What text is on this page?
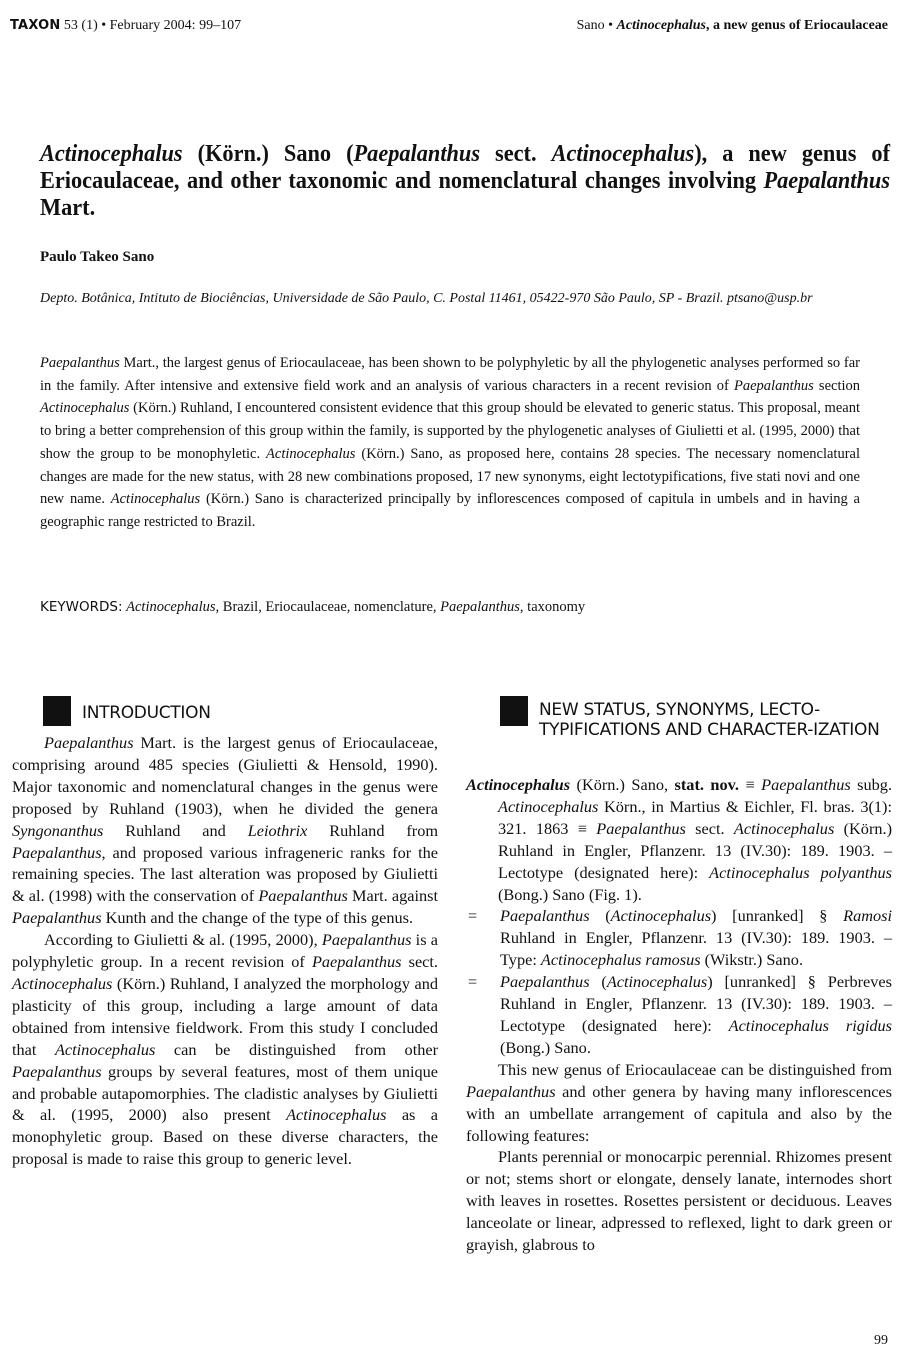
TAXON 53 (1) • February 2004: 99–107	Sano • Actinocephalus, a new genus of Eriocaulaceae
Actinocephalus (Körn.) Sano (Paepalanthus sect. Actinocephalus), a new genus of Eriocaulaceae, and other taxonomic and nomenclatural changes involving Paepalanthus Mart.
Paulo Takeo Sano
Depto. Botânica, Intituto de Biociências, Universidade de São Paulo, C. Postal 11461, 05422-970 São Paulo, SP - Brazil. ptsano@usp.br
Paepalanthus Mart., the largest genus of Eriocaulaceae, has been shown to be polyphyletic by all the phylogenetic analyses performed so far in the family. After intensive and extensive field work and an analysis of various characters in a recent revision of Paepalanthus section Actinocephalus (Körn.) Ruhland, I encountered consistent evidence that this group should be elevated to generic status. This proposal, meant to bring a better comprehension of this group within the family, is supported by the phylogenetic analyses of Giulietti et al. (1995, 2000) that show the group to be monophyletic. Actinocephalus (Körn.) Sano, as proposed here, contains 28 species. The necessary nomenclatural changes are made for the new status, with 28 new combinations proposed, 17 new synonyms, eight lectotypifications, five stati novi and one new name. Actinocephalus (Körn.) Sano is characterized principally by inflorescences composed of capitula in umbels and in having a geographic range restricted to Brazil.
KEYWORDS: Actinocephalus, Brazil, Eriocaulaceae, nomenclature, Paepalanthus, taxonomy
INTRODUCTION

Paepalanthus Mart. is the largest genus of Eriocaulaceae, comprising around 485 species (Giulietti & Hensold, 1990). Major taxonomic and nomenclatural changes in the genus were proposed by Ruhland (1903), when he divided the genera Syngonanthus Ruhland and Leiothrix Ruhland from Paepalanthus, and proposed various infrageneric ranks for the remaining species. The last alteration was proposed by Giulietti & al. (1998) with the conservation of Paepalanthus Mart. against Paepalanthus Kunth and the change of the type of this genus.

According to Giulietti & al. (1995, 2000), Paepalanthus is a polyphyletic group. In a recent revision of Paepalanthus sect. Actinocephalus (Körn.) Ruhland, I analyzed the morphology and plasticity of this group, including a large amount of data obtained from intensive fieldwork. From this study I concluded that Actinocephalus can be distinguished from other Paepalanthus groups by several features, most of them unique and probable autapomorphies. The cladistic analyses by Giulietti & al. (1995, 2000) also present Actinocephalus as a monophyletic group. Based on these diverse characters, the proposal is made to raise this group to generic level.

NEW STATUS, SYNONYMS, LECTO-TYPIFICATIONS AND CHARACTER-IZATION

Actinocephalus (Körn.) Sano, stat. nov. ≡ Paepalanthus subg. Actinocephalus Körn., in Martius & Eichler, Fl. bras. 3(1): 321. 1863 ≡ Paepalanthus sect. Actinocephalus (Körn.) Ruhland in Engler, Pflanzenr. 13 (IV.30): 189. 1903. – Lectotype (designated here): Actinocephalus polyanthus (Bong.) Sano (Fig. 1).

=	Paepalanthus (Actinocephalus) [unranked] § Ramosi Ruhland in Engler, Pflanzenr. 13 (IV.30): 189. 1903. – Type: Actinocephalus ramosus (Wikstr.) Sano.
=	Paepalanthus (Actinocephalus) [unranked] § Perbreves Ruhland in Engler, Pflanzenr. 13 (IV.30): 189. 1903. – Lectotype (designated here): Actinocephalus rigidus (Bong.) Sano.

This new genus of Eriocaulaceae can be distinguished from Paepalanthus and other genera by having many inflorescences with an umbellate arrangement of capitula and also by the following features:

Plants perennial or monocarpic perennial. Rhizomes present or not; stems short or elongate, densely lanate, internodes short with leaves in rosettes. Rosettes persistent or deciduous. Leaves lanceolate or linear, adpressed to reflexed, light to dark green or grayish, glabrous to

99
